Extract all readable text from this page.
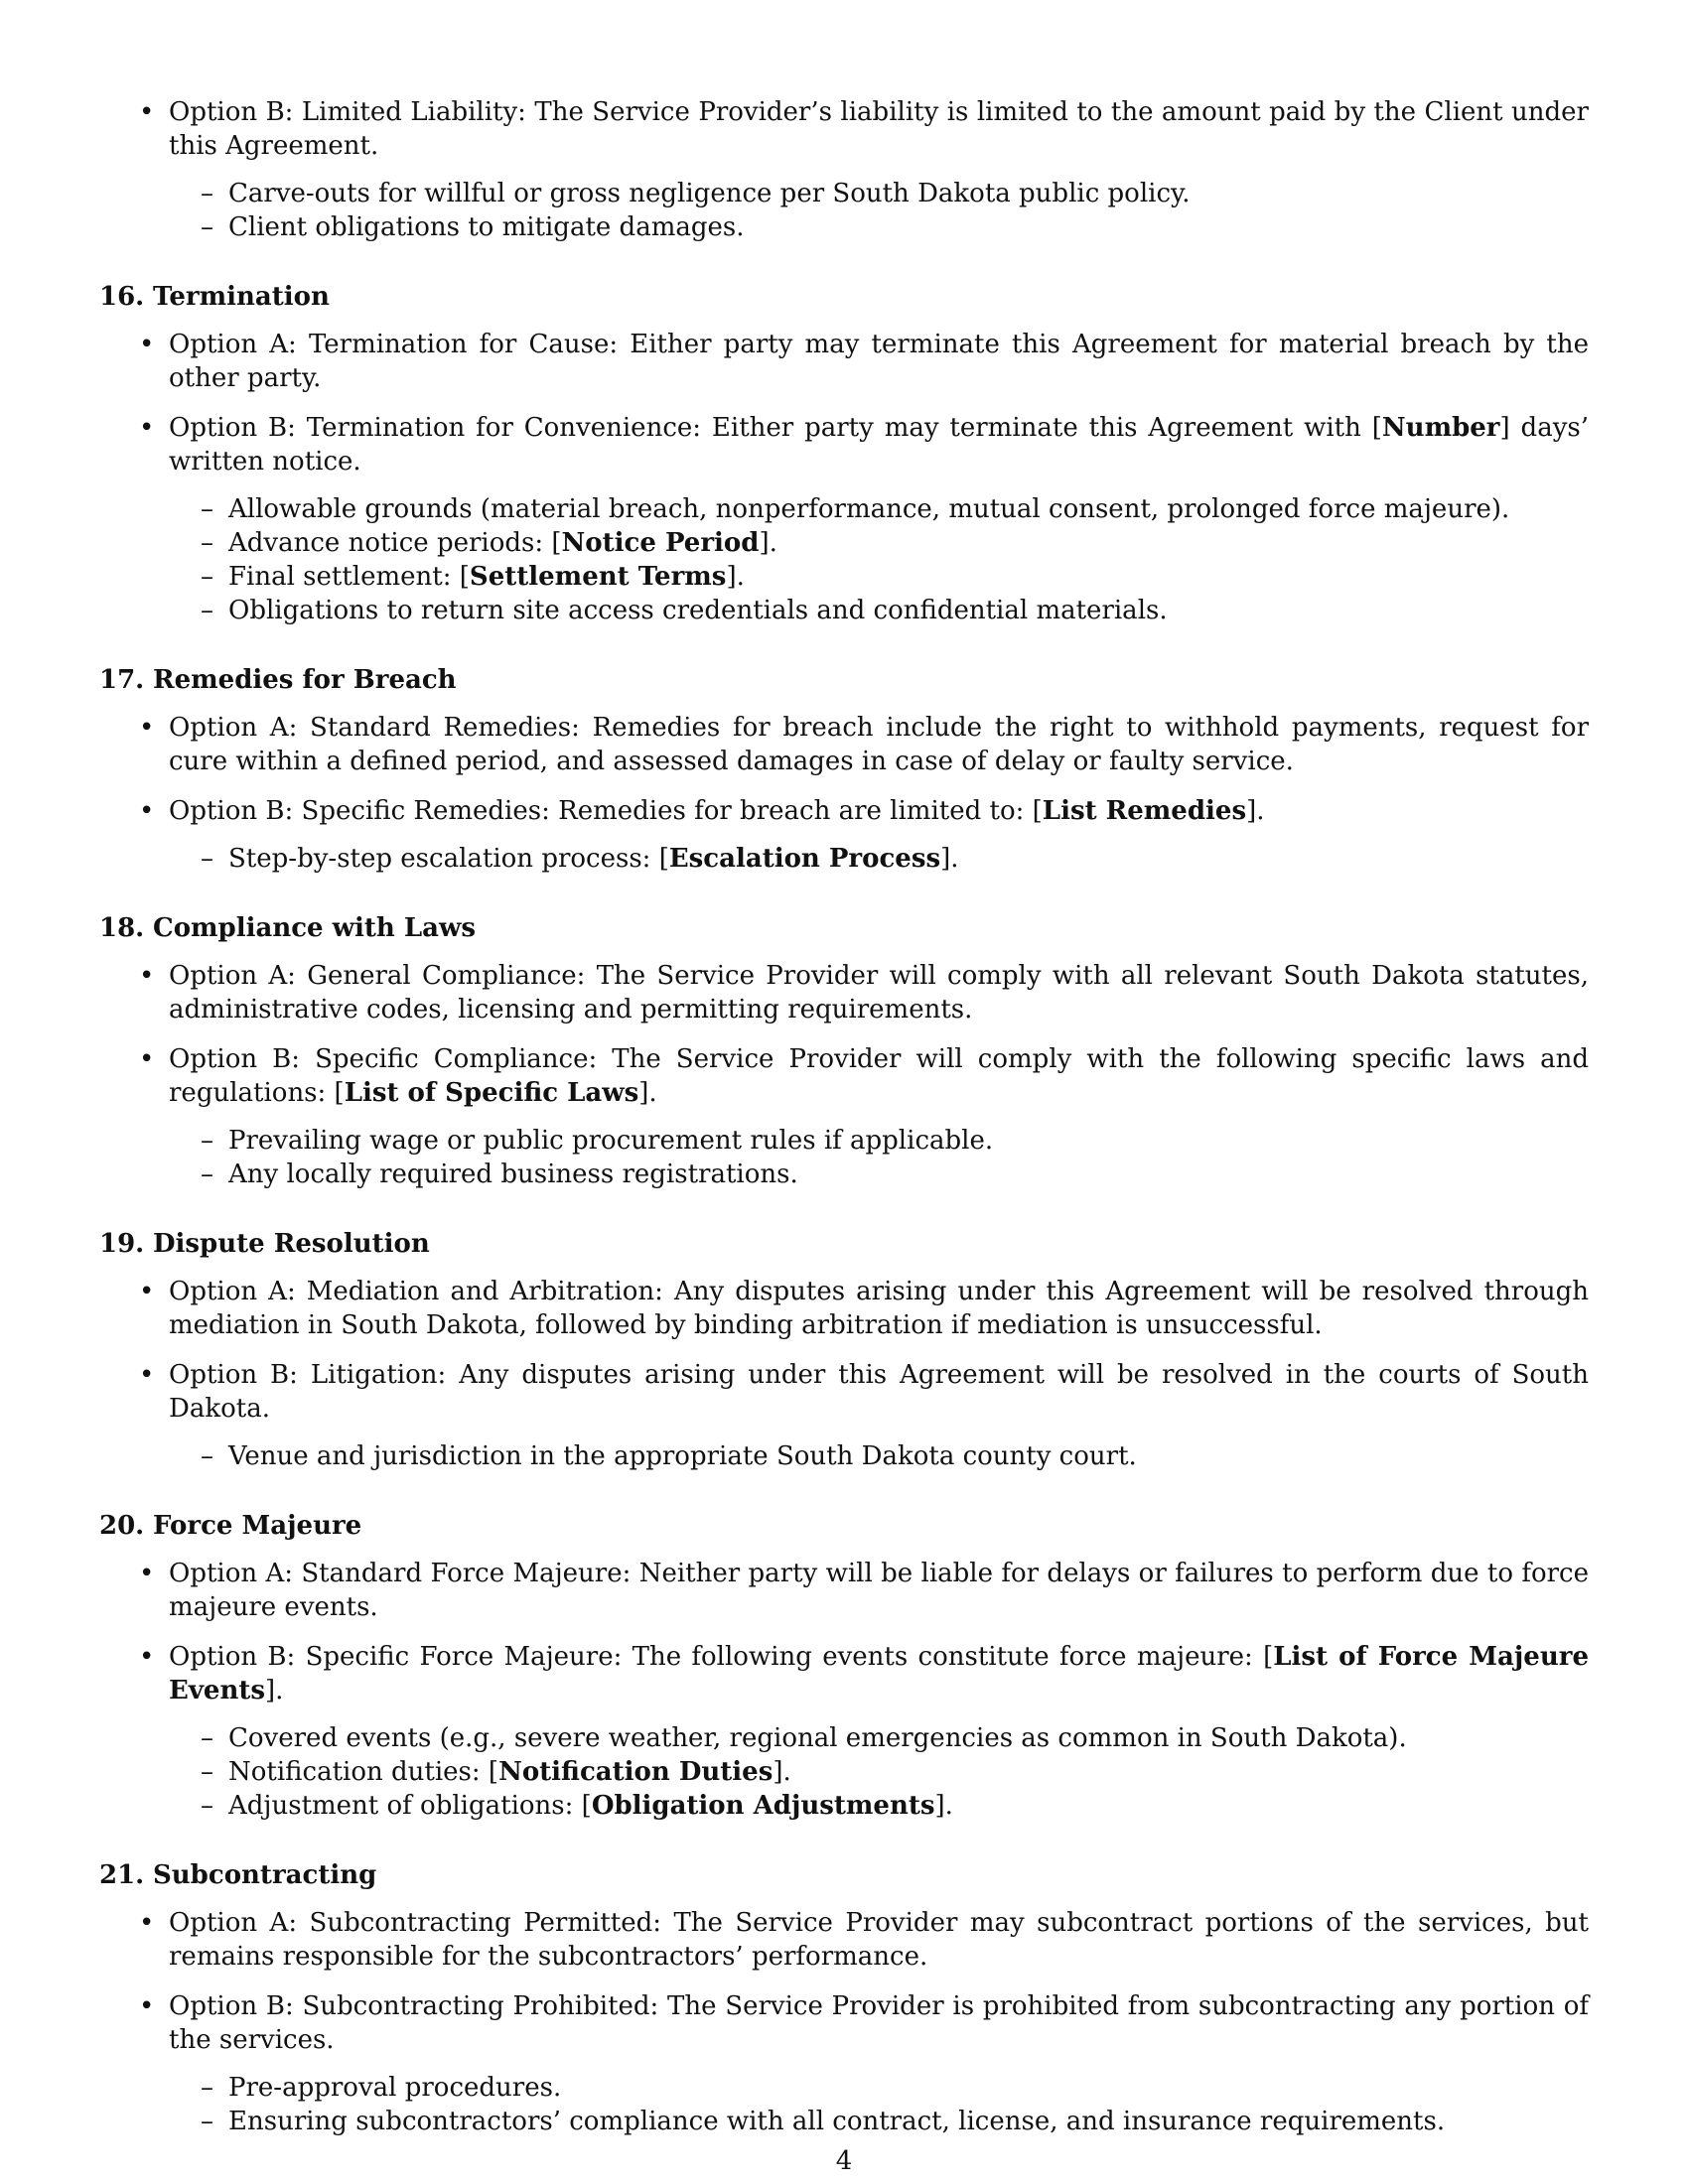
• Option B: Limited Liability: The Service Provider’s liability is limited to the amount paid by the Client under this Agreement.
– Carve-outs for willful or gross negligence per South Dakota public policy.
– Client obligations to mitigate damages.
16. Termination
• Option A: Termination for Cause: Either party may terminate this Agreement for material breach by the other party.
• Option B: Termination for Convenience: Either party may terminate this Agreement with [Number] days’ written notice.
– Allowable grounds (material breach, nonperformance, mutual consent, prolonged force majeure).
– Advance notice periods: [Notice Period].
– Final settlement: [Settlement Terms].
– Obligations to return site access credentials and confidential materials.
17. Remedies for Breach
• Option A: Standard Remedies: Remedies for breach include the right to withhold payments, request for cure within a defined period, and assessed damages in case of delay or faulty service.
• Option B: Specific Remedies: Remedies for breach are limited to: [List Remedies].
– Step-by-step escalation process: [Escalation Process].
18. Compliance with Laws
• Option A: General Compliance: The Service Provider will comply with all relevant South Dakota statutes, administrative codes, licensing and permitting requirements.
• Option B: Specific Compliance: The Service Provider will comply with the following specific laws and regulations: [List of Specific Laws].
– Prevailing wage or public procurement rules if applicable.
– Any locally required business registrations.
19. Dispute Resolution
• Option A: Mediation and Arbitration: Any disputes arising under this Agreement will be resolved through mediation in South Dakota, followed by binding arbitration if mediation is unsuccessful.
• Option B: Litigation: Any disputes arising under this Agreement will be resolved in the courts of South Dakota.
– Venue and jurisdiction in the appropriate South Dakota county court.
20. Force Majeure
• Option A: Standard Force Majeure: Neither party will be liable for delays or failures to perform due to force majeure events.
• Option B: Specific Force Majeure: The following events constitute force majeure: [List of Force Majeure Events].
– Covered events (e.g., severe weather, regional emergencies as common in South Dakota).
– Notification duties: [Notification Duties].
– Adjustment of obligations: [Obligation Adjustments].
21. Subcontracting
• Option A: Subcontracting Permitted: The Service Provider may subcontract portions of the services, but remains responsible for the subcontractors’ performance.
• Option B: Subcontracting Prohibited: The Service Provider is prohibited from subcontracting any portion of the services.
– Pre-approval procedures.
– Ensuring subcontractors’ compliance with all contract, license, and insurance requirements.
4
